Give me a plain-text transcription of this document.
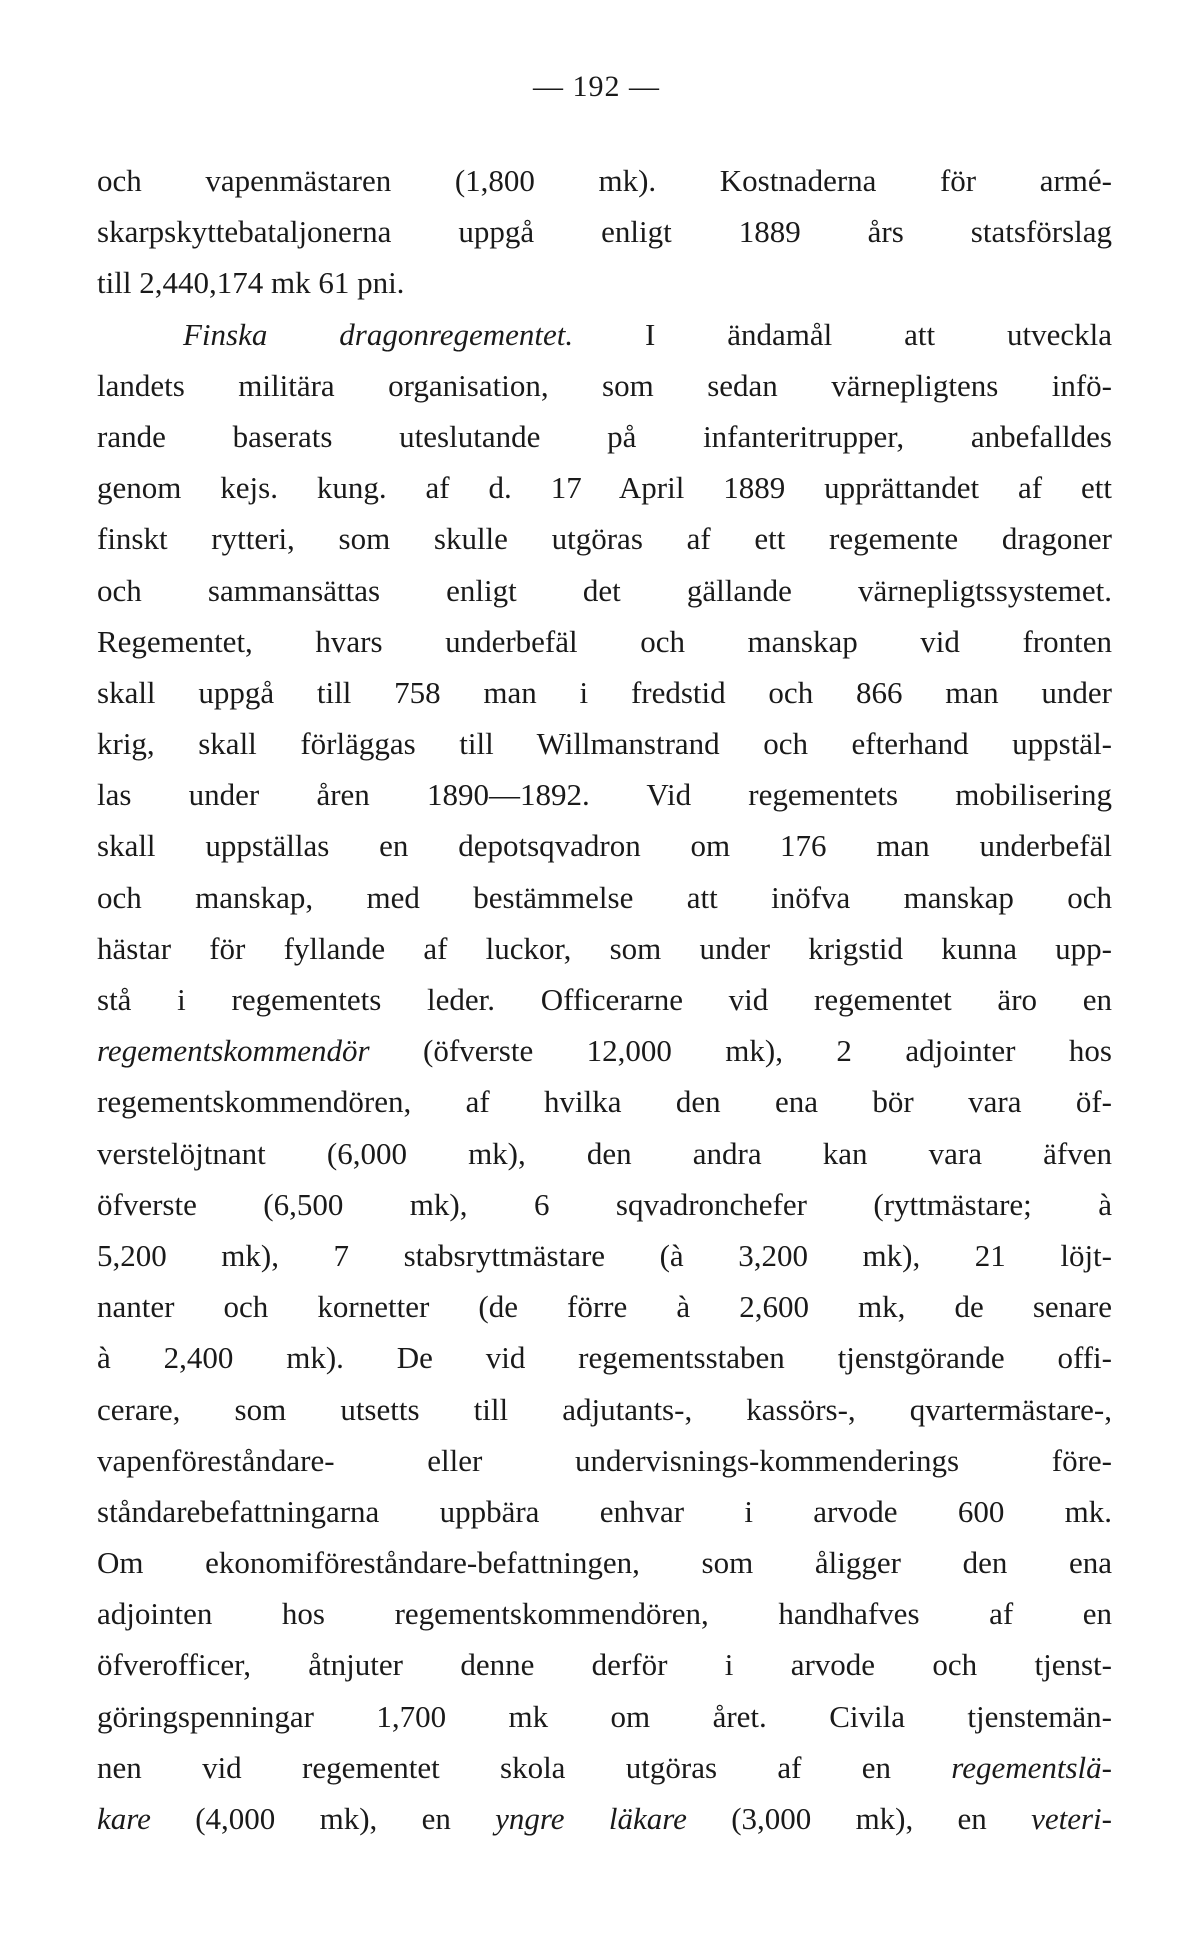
— 192 —
och vapenmästaren (1,800 mk). Kostnaderna för armé-
skarpskyttebataljonerna uppgå enligt 1889 års statsförslag
till 2,440,174 mk 61 pni.
Finska dragonregementet. I ändamål att utveckla
landets militära organisation, som sedan värnepligtens infö-
rande baserats uteslutande på infanteritrupper, anbefalldes
genom kejs. kung. af d. 17 April 1889 upprättandet af ett
finskt rytteri, som skulle utgöras af ett regemente dragoner
och sammansättas enligt det gällande värnepligtssystemet.
Regementet, hvars underbefäl och manskap vid fronten
skall uppgå till 758 man i fredstid och 866 man under
krig, skall förläggas till Willmanstrand och efterhand uppstäl-
las under åren 1890—1892. Vid regementets mobilisering
skall uppställas en depotsqvadron om 176 man underbefäl
och manskap, med bestämmelse att inöfva manskap och
hästar för fyllande af luckor, som under krigstid kunna upp-
stå i regementets leder. Officerarne vid regementet äro en
regementskommendör (öfverste 12,000 mk), 2 adjointer hos
regementskommendören, af hvilka den ena bör vara öf-
verstelöjtnant (6,000 mk), den andra kan vara äfven
öfverste (6,500 mk), 6 sqvadronchefer (ryttmästare; à
5,200 mk), 7 stabsryttmästare (à 3,200 mk), 21 löjt-
nanter och kornetter (de förre à 2,600 mk, de senare
à 2,400 mk). De vid regementsstaben tjenstgörande offi-
cerare, som utsetts till adjutants-, kassörs-, qvartermästare-,
vapenföreståndare- eller undervisnings-kommenderings före-
ståndarebefattningarna uppbära enhvar i arvode 600 mk.
Om ekonomiföreståndare-befattningen, som åligger den ena
adjointen hos regementskommendören, handhafves af en
öfverofficer, åtnjuter denne derför i arvode och tjenst-
göringspenningar 1,700 mk om året. Civila tjenstemän-
nen vid regementet skola utgöras af en regementslä-
kare (4,000 mk), en yngre läkare (3,000 mk), en veteri-
